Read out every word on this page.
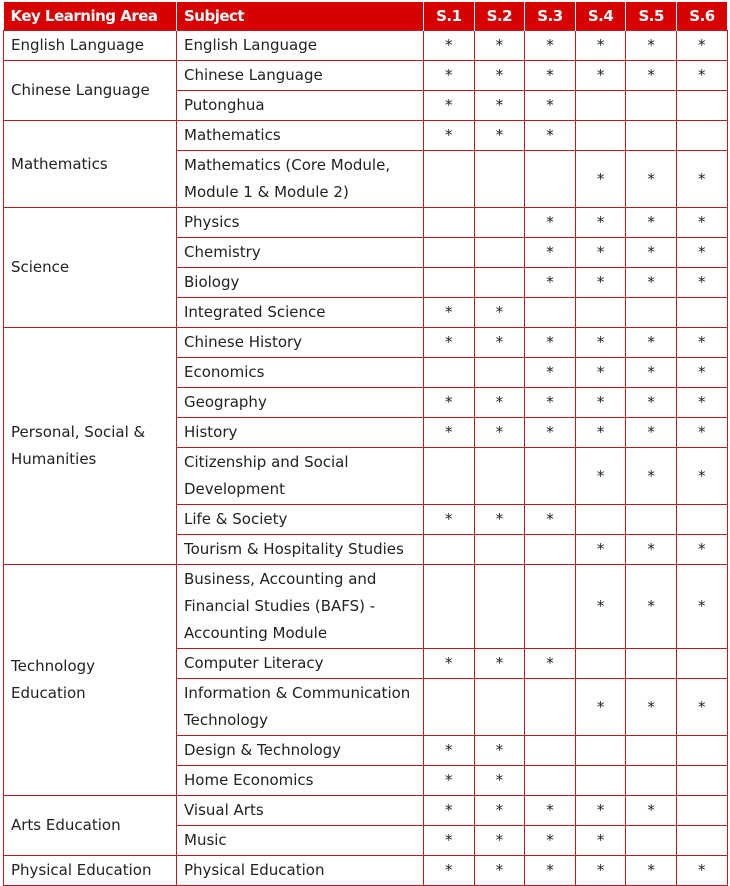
Key Learning Area	Subject	S.1	S.2	S.3	S.4	S.5	S.6
English Language	English Language	*	*	*	*	*	*
Chinese Language	Chinese Language	*	*	*	*	*	*
	Putonghua	*	*	*			
Mathematics	Mathematics	*	*	*			
	Mathematics (Core Module, Module 1 & Module 2)				*	*	*
Science	Physics			*	*	*	*
	Chemistry			*	*	*	*
	Biology			*	*	*	*
	Integrated Science	*	*				
Personal, Social & Humanities	Chinese History	*	*	*	*	*	*
	Economics			*	*	*	*
	Geography	*	*	*	*	*	*
	History	*	*	*	*	*	*
	Citizenship and Social Development				*	*	*
	Life & Society	*	*	*			
	Tourism & Hospitality Studies				*	*	*
Technology Education	Business, Accounting and Financial Studies (BAFS) - Accounting Module				*	*	*
	Computer Literacy	*	*	*			
	Information & Communication Technology				*	*	*
	Design & Technology	*	*				
	Home Economics	*	*				
Arts Education	Visual Arts	*	*	*	*	*	
	Music	*	*	*	*		
Physical Education	Physical Education	*	*	*	*	*	*
